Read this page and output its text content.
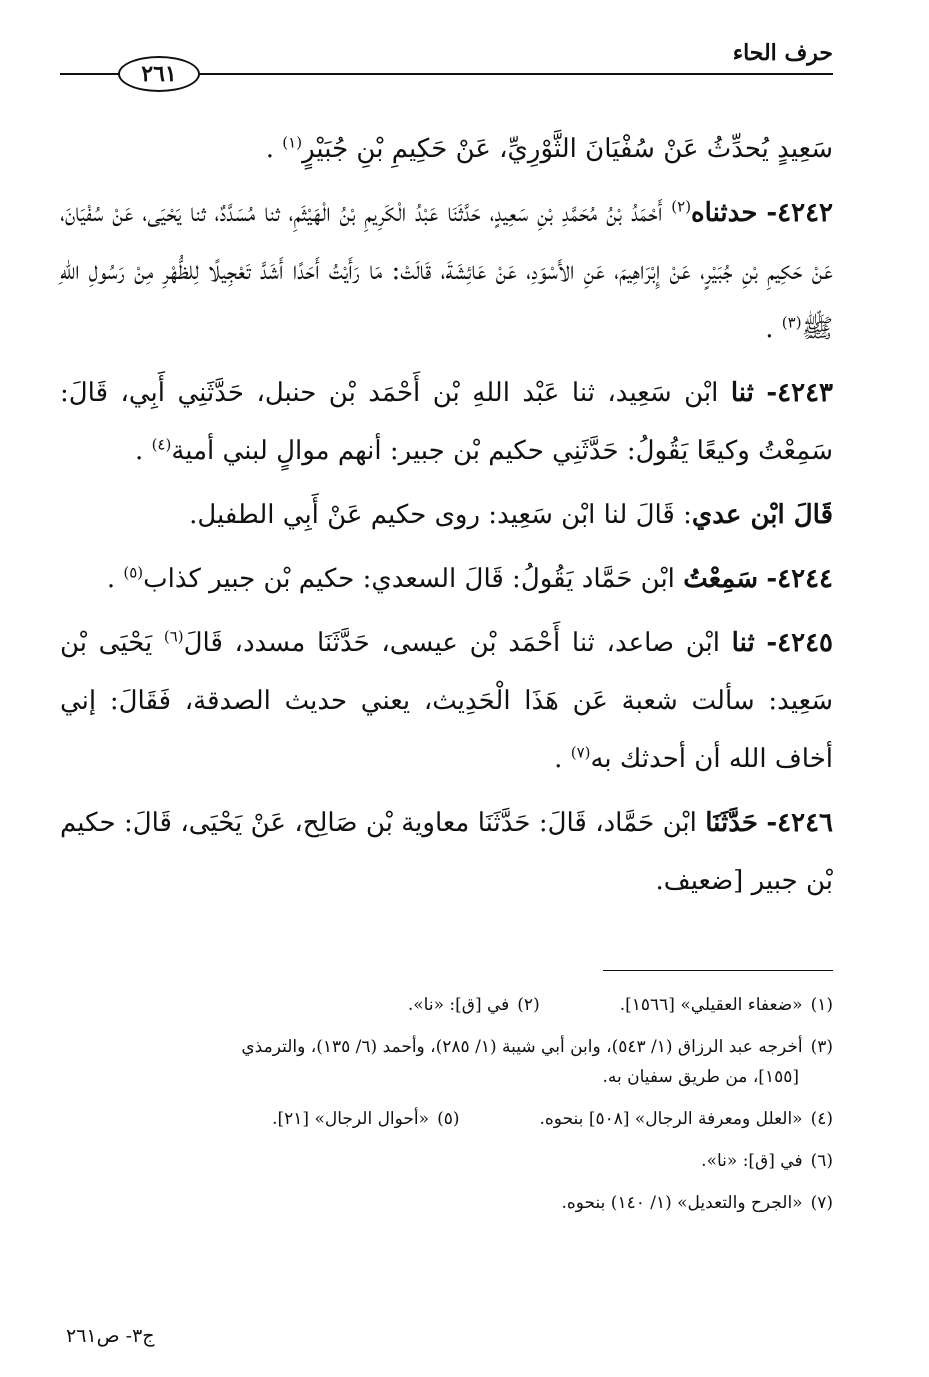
حرف الحاء
٢٦١

سَعِيدٍ يُحدِّثُ عَنْ سُفْيَانَ الثَّوْرِيِّ، عَنْ حَكِيمِ بْنِ جُبَيْرٍ$^{(١)}$ .

٤٢٤٢- حدثناه$^{(٢)}$ أَحْمَدُ بْنُ مُحَمَّدِ بْنِ سَعِيدٍ، حَدَّثَنَا عَبْدُ الْكَرِيمِ بْنُ الْهَيْثَمِ، ثنا مُسَدَّدٌ، ثنا يَحْيَى، عَنْ سُفْيَانَ، عَنْ حَكِيمِ بْنِ جُبَيْرٍ، عَنْ إِبْرَاهِيمَ، عَنِ الأَسْوَدِ، عَنْ عَائِشَةَ، قَالَتْ: مَا رَأَيْتُ أَحَدًا أَشَدَّ تَعْجِيلًا لِلظُّهْرِ مِنْ رَسُولِ اللهِ ﷺ$^{(٣)}$ .

٤٢٤٣- ثنا ابْن سَعِيد، ثنا عَبْد اللهِ بْن أَحْمَد بْن حنبل، حَدَّثَنِي أَبِي، قَالَ: سَمِعْتُ وكيعًا يَقُولُ: حَدَّثَنِي حكيم بْن جبير: أنهم موالٍ لبني أمية$^{(٤)}$ .

قَالَ ابْن عدي: قَالَ لنا ابْن سَعِيد: روى حكيم عَنْ أَبِي الطفيل.

٤٢٤٤- سَمِعْتُ ابْن حَمَّاد يَقُولُ: قَالَ السعدي: حكيم بْن جبير كذاب$^{(٥)}$ .

٤٢٤٥- ثنا ابْن صاعد، ثنا أَحْمَد بْن عيسى، حَدَّثَنَا مسدد، قَالَ$^{(٦)}$ يَحْيَى بْن سَعِيد: سألت شعبة عَن هَذَا الْحَدِيث، يعني حديث الصدقة، فَقَالَ: إني أخاف الله أن أحدثك به$^{(٧)}$ .

٤٢٤٦- حَدَّثَنَا ابْن حَمَّاد، قَالَ: حَدَّثَنَا معاوية بْن صَالِح، عَنْ يَحْيَى، قَالَ: حكيم بْن جبير [ضعيف.

(١)«ضعفاء العقيلي» [١٥٦٦].
(٢)في [ق]: «نا».
(٣)أخرجه عبد الرزاق (١/ ٥٤٣)، وابن أبي شيبة (١/ ٢٨٥)، وأحمد (٦/ ١٣٥)، والترمذي
[١٥٥]، من طريق سفيان به.
(٤)«العلل ومعرفة الرجال» [٥٠٨] بنحوه.
(٥)«أحوال الرجال» [٢١].
(٦)في [ق]: «نا».
(٧)«الجرح والتعديل» (١/ ١٤٠) بنحوه.
ج٣- ص٢٦١
